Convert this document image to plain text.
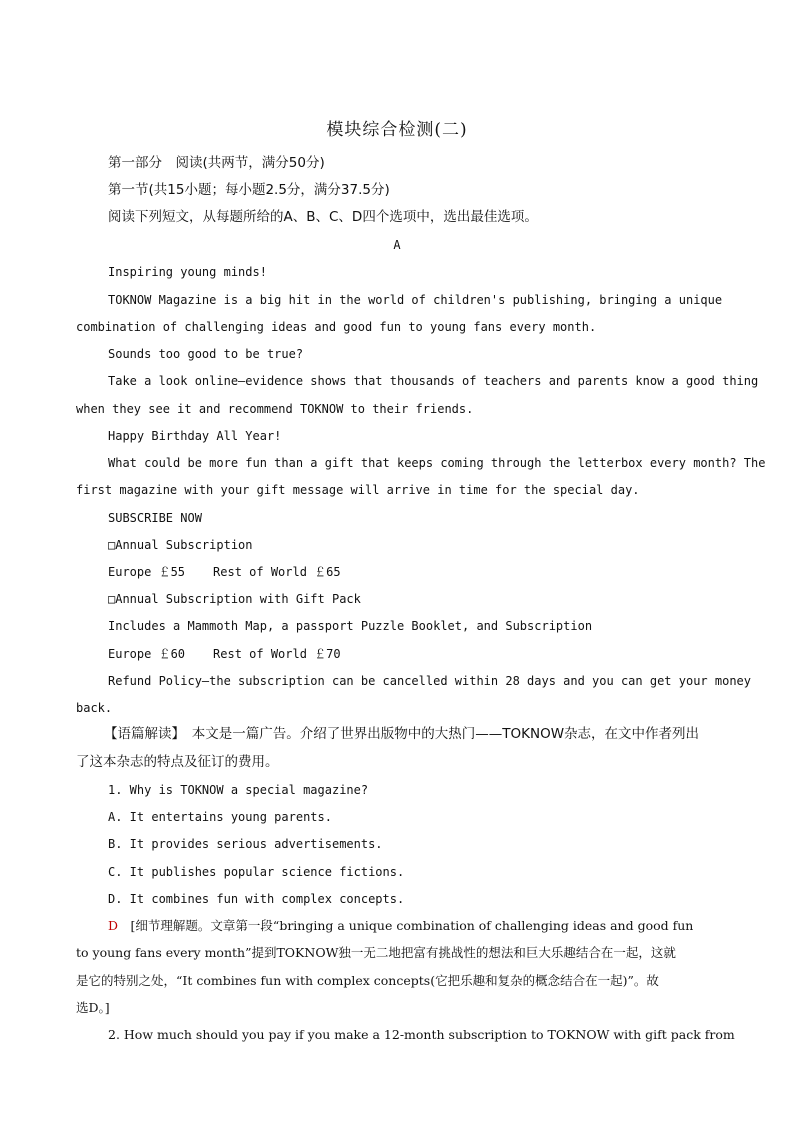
模块综合检测(二)
第一部分　阅读(共两节，满分50分)
第一节(共15小题；每小题2.5分，满分37.5分)
阅读下列短文，从每题所给的A、B、C、D四个选项中，选出最佳选项。
A
Inspiring young minds!
TOKNOW Magazine is a big hit in the world of children's publishing, bringing a unique
combination of challenging ideas and good fun to young fans every month.
Sounds too good to be true?
Take a look online—evidence shows that thousands of teachers and parents know a good thing
when they see it and recommend TOKNOW to their friends.
Happy Birthday All Year!
What could be more fun than a gift that keeps coming through the letterbox every month? The
first magazine with your gift message will arrive in time for the special day.
SUBSCRIBE NOW
□Annual Subscription
Europe ￡55 Rest of World ￡65
□Annual Subscription with Gift Pack
Includes a Mammoth Map, a passport Puzzle Booklet, and Subscription
Europe ￡60 Rest of World ￡70
Refund Policy—the subscription can be cancelled within 28 days and you can get your money
back.
【语篇解读】　 本文是一篇广告。介绍了世界出版物中的大热门——TOKNOW杂志，在文中作者列出
了这本杂志的特点及征订的费用。
1. Why is TOKNOW a special magazine?
A. It entertains young parents.
B. It provides serious advertisements.
C. It publishes popular science fictions.
D. It combines fun with complex concepts.
D　 [细节理解题。文章第一段“bringing a unique combination of challenging ideas and good fun
to young fans every month”提到TOKNOW独一无二地把富有挑战性的想法和巨大乐趣结合在一起，这就
是它的特别之处，“It combines fun with complex concepts(它把乐趣和复杂的概念结合在一起)”。故
选D。]
2. How much should you pay if you make a 12-month subscription to TOKNOW with gift pack from
